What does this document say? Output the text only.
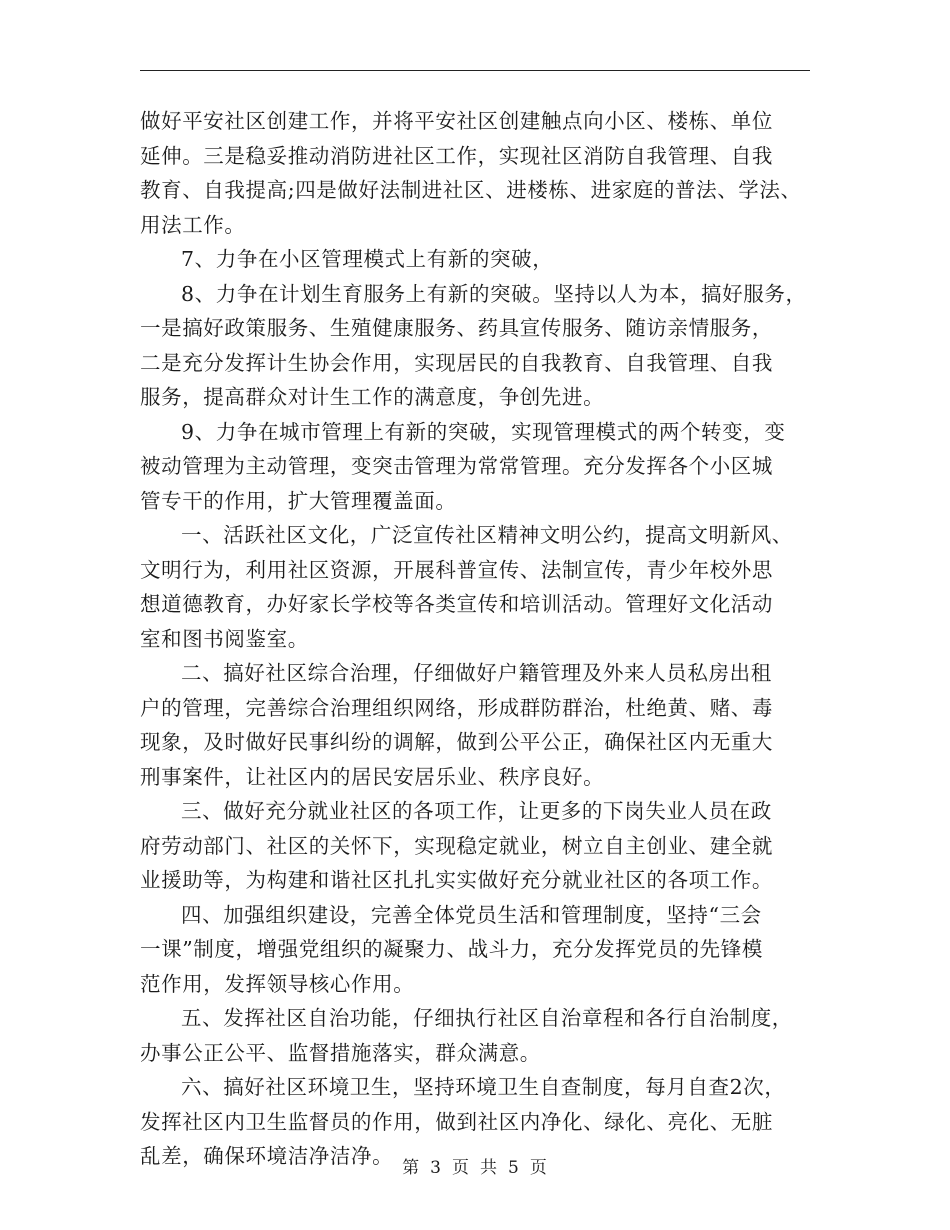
做好平安社区创建工作，并将平安社区创建触点向小区、楼栋、单位
延伸。三是稳妥推动消防进社区工作，实现社区消防自我管理、自我
教育、自我提高;四是做好法制进社区、进楼栋、进家庭的普法、学法、
用法工作。

7、力争在小区管理模式上有新的突破，

8、力争在计划生育服务上有新的突破。坚持以人为本，搞好服务，
一是搞好政策服务、生殖健康服务、药具宣传服务、随访亲情服务，
二是充分发挥计生协会作用，实现居民的自我教育、自我管理、自我
服务，提高群众对计生工作的满意度，争创先进。

9、力争在城市管理上有新的突破，实现管理模式的两个转变，变
被动管理为主动管理，变突击管理为常常管理。充分发挥各个小区城
管专干的作用，扩大管理覆盖面。

一、活跃社区文化，广泛宣传社区精神文明公约，提高文明新风、
文明行为，利用社区资源，开展科普宣传、法制宣传，青少年校外思
想道德教育，办好家长学校等各类宣传和培训活动。管理好文化活动
室和图书阅鉴室。

二、搞好社区综合治理，仔细做好户籍管理及外来人员私房出租
户的管理，完善综合治理组织网络，形成群防群治，杜绝黄、赌、毒
现象，及时做好民事纠纷的调解，做到公平公正，确保社区内无重大
刑事案件，让社区内的居民安居乐业、秩序良好。

三、做好充分就业社区的各项工作，让更多的下岗失业人员在政
府劳动部门、社区的关怀下，实现稳定就业，树立自主创业、建全就
业援助等，为构建和谐社区扎扎实实做好充分就业社区的各项工作。

四、加强组织建设，完善全体党员生活和管理制度，坚持“三会
一课”制度，增强党组织的凝聚力、战斗力，充分发挥党员的先锋模
范作用，发挥领导核心作用。

五、发挥社区自治功能，仔细执行社区自治章程和各行自治制度，
办事公正公平、监督措施落实，群众满意。

六、搞好社区环境卫生，坚持环境卫生自查制度，每月自查2次，
发挥社区内卫生监督员的作用，做到社区内净化、绿化、亮化、无脏
乱差，确保环境洁净洁净。 第 3 页 共 5 页
